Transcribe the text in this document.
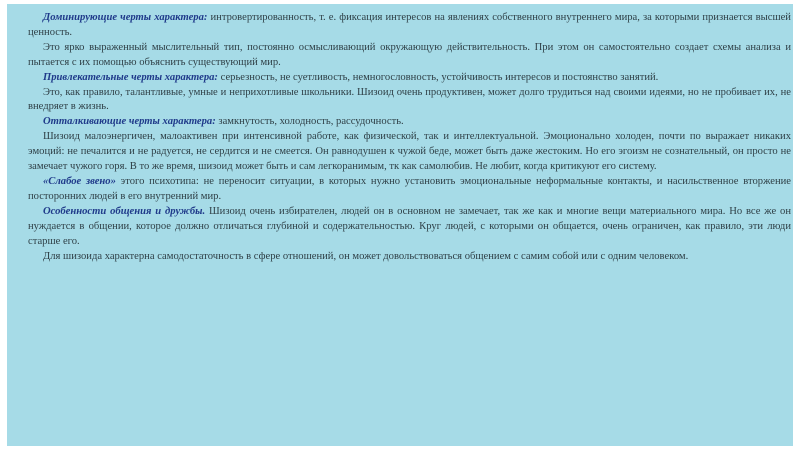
Доминирующие черты характера: интровертированность, т. е. фиксация интересов на явлениях собственного внутреннего мира, за которыми признается высшей ценность.

Это ярко выраженный мыслительный тип, постоянно осмысливающий окружающую действительность. При этом он самостоятельно создает схемы анализа и пытается с их помощью объяснить существующий мир.

Привлекательные черты характера: серьезность, не суетливость, немногословность, устойчивость интересов и постоянство занятий.

Это, как правило, талантливые, умные и неприхотливые школьники. Шизоид очень продуктивен, может долго трудиться над своими идеями, но не пробивает их, не внедряет в жизнь.

Отталкивающие черты характера: замкнутость, холодность, рассудочность.

Шизоид малоэнергичен, малоактивен при интенсивной работе, как физической, так и интеллектуальной. Эмоционально холоден, почти по выражает никаких эмоций: не печалится и не радуется, не сердится и не смеется. Он равнодушен к чужой беде, может быть даже жестоким. Но его эгоизм не сознательный, он просто не замечает чужого горя. В то же время, шизоид может быть и сам легкоранимым, тк как самолюбив. Не любит, когда критикуют его систему.

«Слабое звено» этого психотипа: не переносит ситуации, в которых нужно установить эмоциональные неформальные контакты, и насильственное вторжение посторонних людей в его внутренний мир.

Особенности общения и дружбы. Шизоид очень избирателен, людей он в основном не замечает, так же как и многие вещи материального мира. Но все же он нуждается в общении, которое должно отличаться глубиной и содержательностью. Круг людей, с которыми он общается, очень ограничен, как правило, эти люди старше его.

Для шизоида характерна самодостаточность в сфере отношений, он может довольствоваться общением с самим собой или с одним человеком.
